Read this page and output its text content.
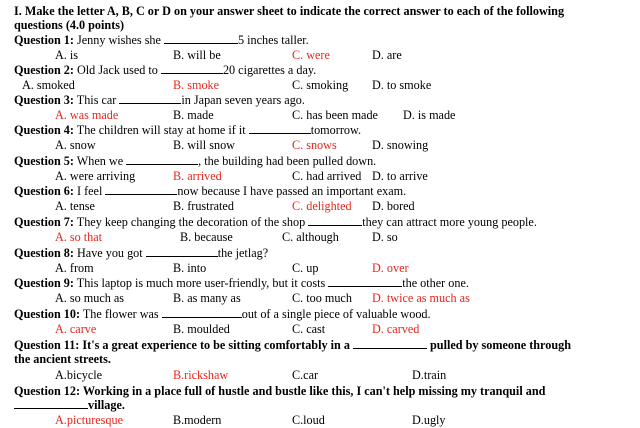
I. Make the letter A, B, C or D on your answer sheet to indicate the correct answer to each of the following
questions (4.0 points)
Question 1: Jenny wishes she	5 inches taller.
A. is	B. will be	C. were	D. are
Question 2: Old Jack used to	20 cigarettes a day.
A. smoked	B. smoke	C. smoking D. to smoke
Question 3: This car	in Japan seven years ago.
A. was made	B. made	C. has been made D. is made
Question 4: The children will stay at home if it	tomorrow.
A. snow	B. will snow	C. snows	D. snowing
Question 5: When we	, the building had been pulled down.
A. were arriving	B. arrived	C. had arrived D. to arrive
Question 6: I feel	now because I have passed an important exam.
A. tense	B. frustrated	C. delighted D. bored
Question 7: They keep changing the decoration of the shop	they can attract more young people.
A. so that	B. because	C. although	D. so
Question 8: Have you got	the jetlag?
A. from	B. into	C. up	D. over
Question 9: This laptop is much more user-friendly, but it costs	the other one.
A. so much as	B. as many as	C. too much D. twice as much as
Question 10: The flower was	out of a single piece of valuable wood.
A. carve	B. moulded	C. cast	D. carved
Question 11: It's a great experience to be sitting comfortably in a	pulled by someone through
the ancient streets.
A.bicycle	B.rickshaw	C.car	D.train
Question 12: Working in a place full of hustle and bustle like this, I can't help missing my tranquil and
village.
A.picturesque	B.modern	C.loud	D.ugly
